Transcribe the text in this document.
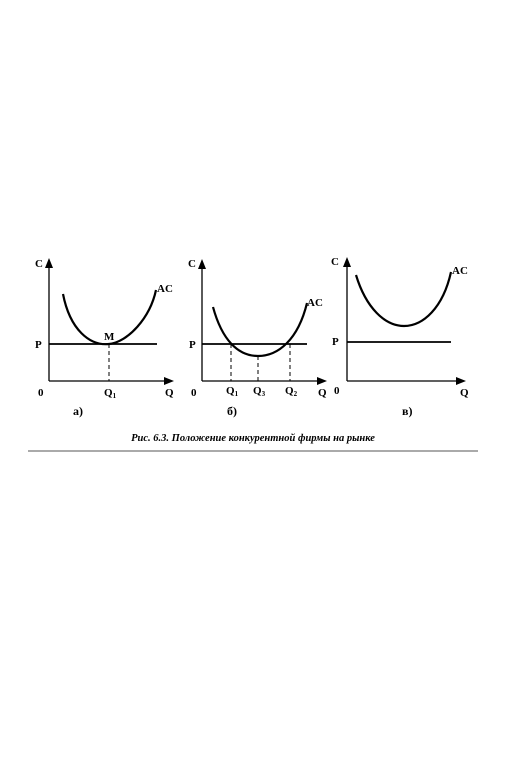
C
P
0	Q
AC
M
Q1
а)
C
P
0	Q
AC
Q1 Q3 Q2
б)
C
P
0	Q
AC
в)
Рис. 6.3. Положение конкурентной фирмы на рынке
